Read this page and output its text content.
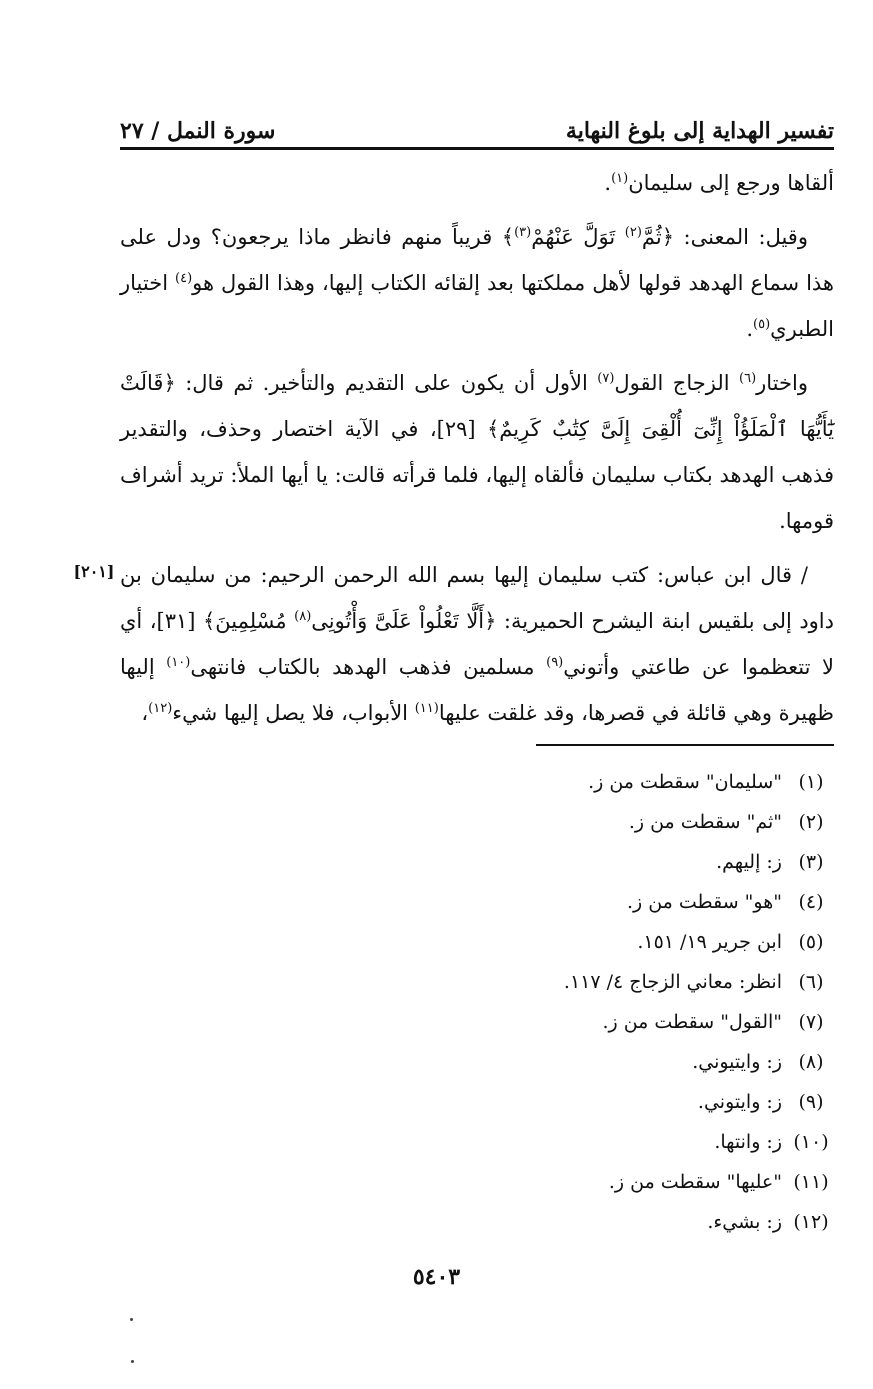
تفسير الهداية إلى بلوغ النهاية
سورة النمل / ٢٧
[٢٠١]

ألقاها ورجع إلى سليمان$^{(١)}$.

وقيل: المعنى: ﴿ثُمَّ$^{(٢)}$ تَوَلَّ عَنْهُمْ$^{(٣)}$﴾ قريباً منهم فانظر ماذا يرجعون؟ ودل على هذا سماع الهدهد قولها لأهل مملكتها بعد إلقائه الكتاب إليها، وهذا القول هو$^{(٤)}$ اختيار الطبري$^{(٥)}$.

واختار$^{(٦)}$ الزجاج القول$^{(٧)}$ الأول أن يكون على التقديم والتأخير. ثم قال: ﴿قَالَتْ يَٰٓأَيُّهَا ٱلْمَلَؤُاْ إِنِّىٓ أُلْقِىَ إِلَىَّ كِتَٰبٌ كَرِيمٌ﴾ [٢٩]، في الآية اختصار وحذف، والتقدير فذهب الهدهد بكتاب سليمان فألقاه إليها، فلما قرأته قالت: يا أيها الملأ: تريد أشراف قومها.

/ قال ابن عباس: كتب سليمان إليها بسم الله الرحمن الرحيم: من سليمان بن داود إلى بلقيس ابنة اليشرح الحميرية: ﴿أَلَّا تَعْلُواْ عَلَىَّ وَأْتُونِى$^{(٨)}$ مُسْلِمِينَ﴾ [٣١]، أي لا تتعظموا عن طاعتي وأتوني$^{(٩)}$ مسلمين فذهب الهدهد بالكتاب فانتهى$^{(١٠)}$ إليها ظهيرة وهي قائلة في قصرها، وقد غلقت عليها$^{(١١)}$ الأبواب، فلا يصل إليها شيء$^{(١٢)}$،

(١)
"سليمان" سقطت من ز.
(٢)
"ثم" سقطت من ز.
(٣)
ز: إليهم.
(٤)
"هو" سقطت من ز.
(٥)
ابن جرير ١٩/ ١٥١.
(٦)
انظر: معاني الزجاج ٤/ ١١٧.
(٧)
"القول" سقطت من ز.
(٨)
ز: وايتيوني.
(٩)
ز: وايتوني.
(١٠)
ز: وانتها.
(١١)
"عليها" سقطت من ز.
(١٢)
ز: بشيء.
٥٤٠٣
